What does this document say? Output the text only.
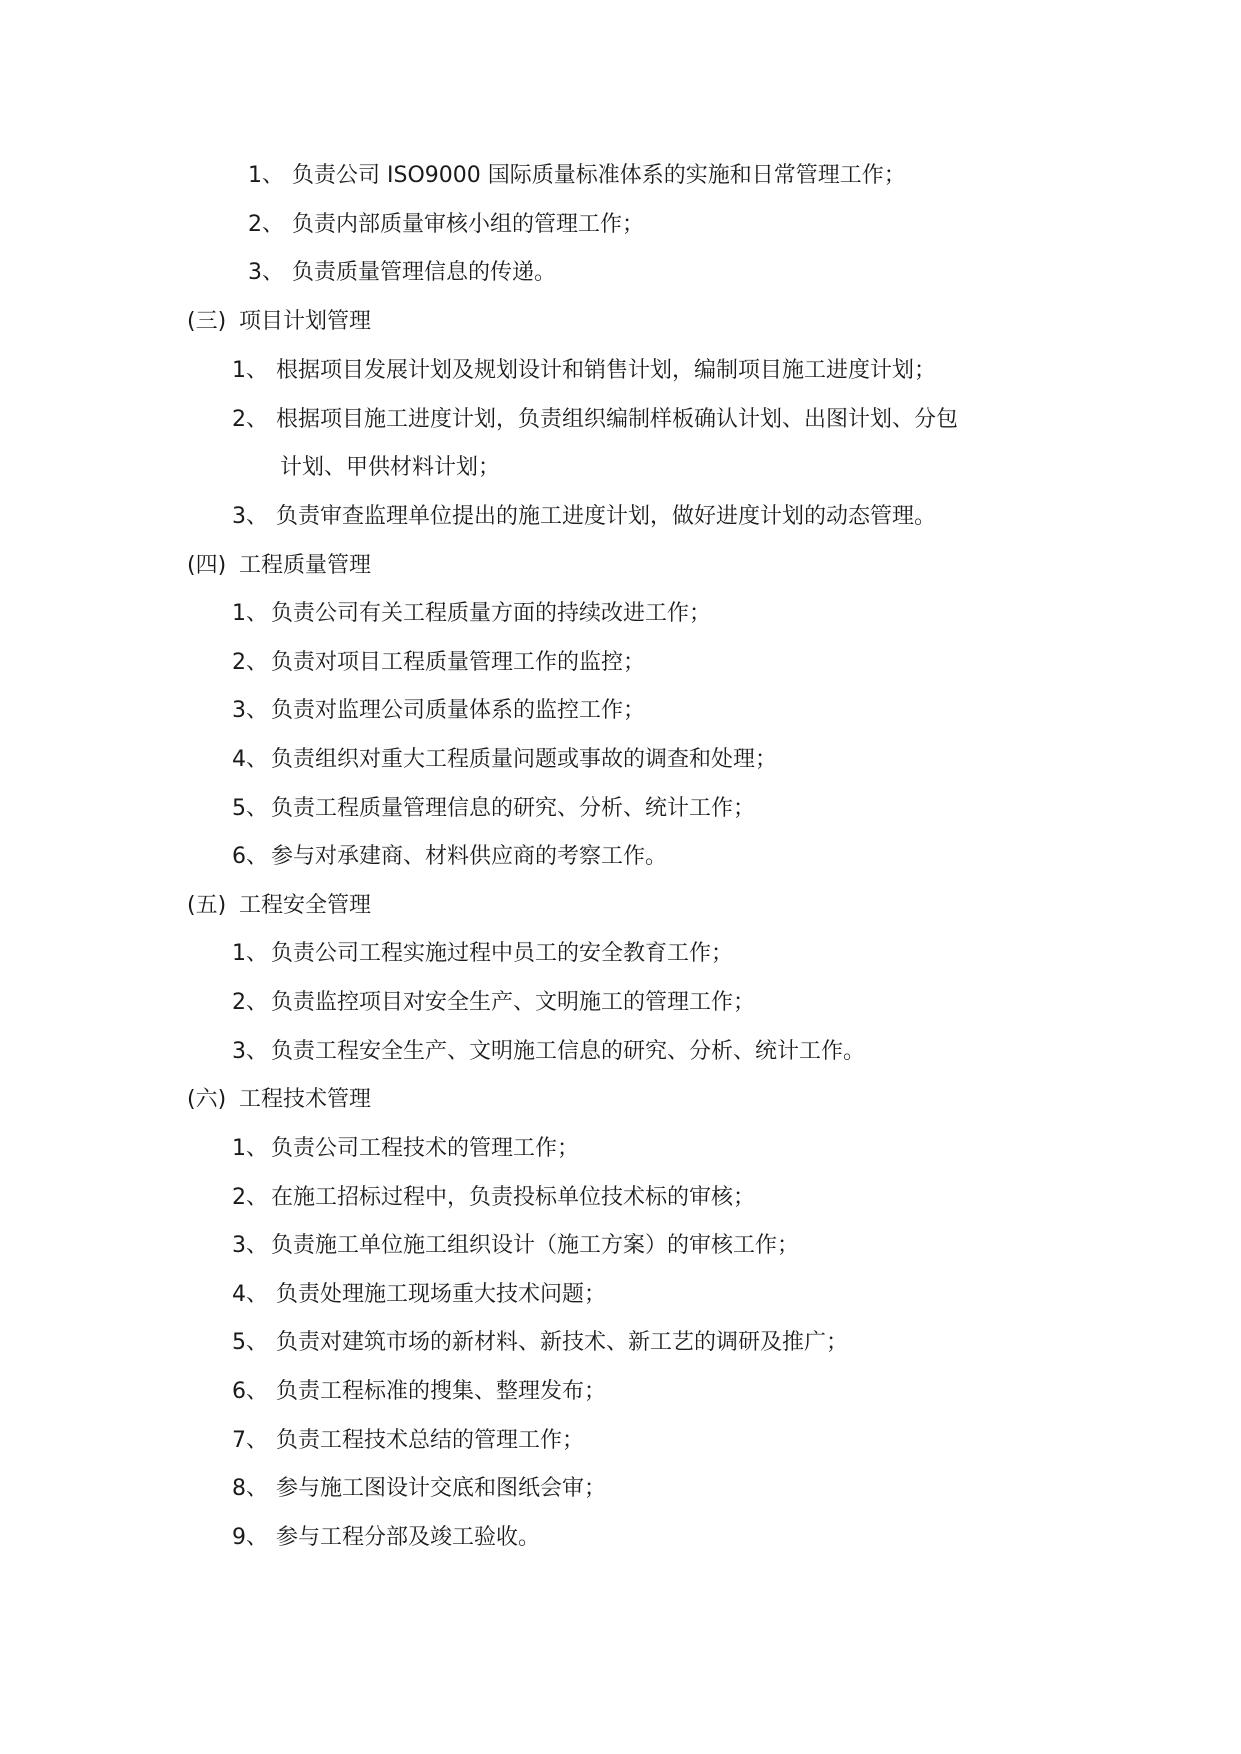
1、 负责公司 ISO9000 国际质量标准体系的实施和日常管理工作；
2、 负责内部质量审核小组的管理工作；
3、 负责质量管理信息的传递。
(三) 项目计划管理
1、 根据项目发展计划及规划设计和销售计划，编制项目施工进度计划；
2、 根据项目施工进度计划，负责组织编制样板确认计划、出图计划、分包
计划、甲供材料计划；
3、 负责审查监理单位提出的施工进度计划，做好进度计划的动态管理。
(四) 工程质量管理
1、 负责公司有关工程质量方面的持续改进工作；
2、 负责对项目工程质量管理工作的监控；
3、 负责对监理公司质量体系的监控工作；
4、 负责组织对重大工程质量问题或事故的调查和处理；
5、 负责工程质量管理信息的研究、分析、统计工作；
6、 参与对承建商、材料供应商的考察工作。
(五) 工程安全管理
1、 负责公司工程实施过程中员工的安全教育工作；
2、 负责监控项目对安全生产、文明施工的管理工作；
3、 负责工程安全生产、文明施工信息的研究、分析、统计工作。
(六) 工程技术管理
1、 负责公司工程技术的管理工作；
2、 在施工招标过程中，负责投标单位技术标的审核；
3、 负责施工单位施工组织设计（施工方案）的审核工作；
4、 负责处理施工现场重大技术问题；
5、 负责对建筑市场的新材料、新技术、新工艺的调研及推广；
6、 负责工程标准的搜集、整理发布；
7、 负责工程技术总结的管理工作；
8、 参与施工图设计交底和图纸会审；
9、 参与工程分部及竣工验收。
